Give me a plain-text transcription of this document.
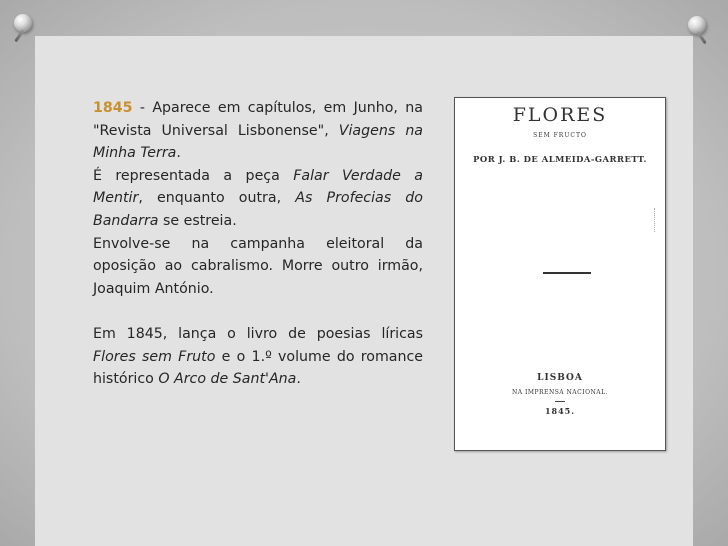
1845 - Aparece em capítulos, em Junho, na "Revista Universal Lisbonense", Viagens na Minha Terra.

É representada a peça Falar Verdade a Mentir, enquanto outra, As Profecias do Bandarra se estreia.

Envolve-se na campanha eleitoral da oposição ao cabralismo. Morre outro irmão, Joaquim António.

Em 1845, lança o livro de poesias líricas Flores sem Fruto e o 1.º volume do romance histórico O Arco de Sant'Ana.

FLORES
SEM FRUCTO
POR J. B. DE ALMEIDA-GARRETT.
LISBOA
NA IMPRENSA NACIONAL.
1845.
